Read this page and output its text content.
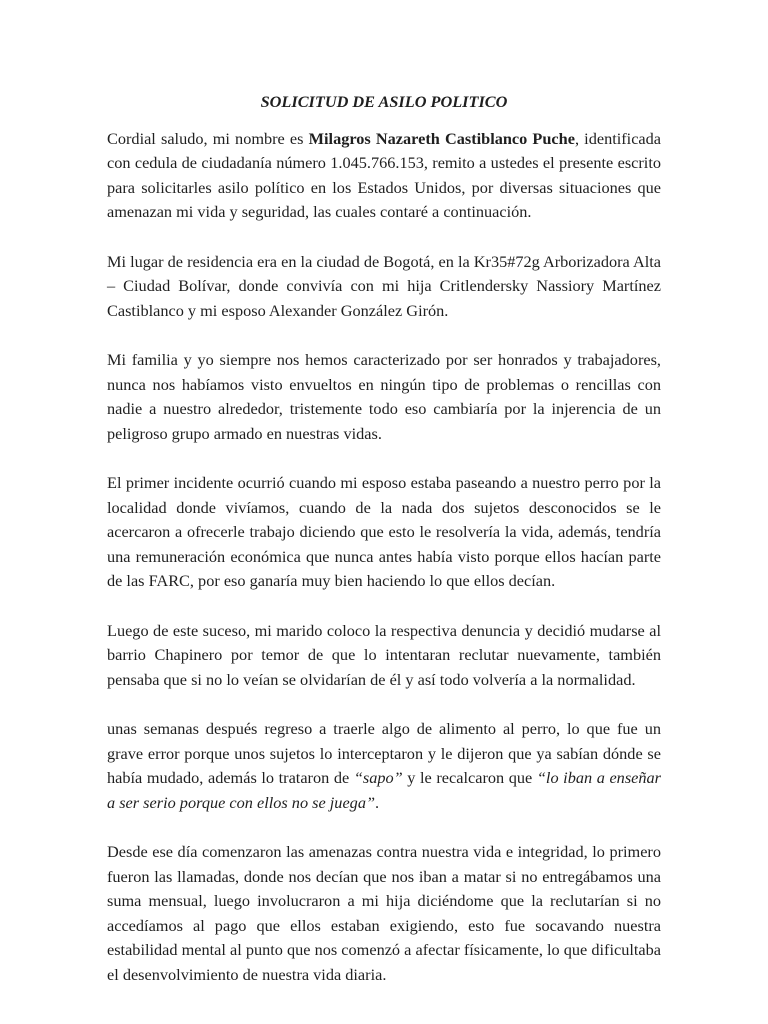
SOLICITUD DE ASILO POLITICO

Cordial saludo, mi nombre es Milagros Nazareth Castiblanco Puche, identificada con cedula de ciudadanía número 1.045.766.153, remito a ustedes el presente escrito para solicitarles asilo político en los Estados Unidos, por diversas situaciones que amenazan mi vida y seguridad, las cuales contaré a continuación.

Mi lugar de residencia era en la ciudad de Bogotá, en la Kr35#72g Arborizadora Alta – Ciudad Bolívar, donde convivía con mi hija Critlendersky Nassiory Martínez Castiblanco y mi esposo Alexander González Girón.

Mi familia y yo siempre nos hemos caracterizado por ser honrados y trabajadores, nunca nos habíamos visto envueltos en ningún tipo de problemas o rencillas con nadie a nuestro alrededor, tristemente todo eso cambiaría por la injerencia de un peligroso grupo armado en nuestras vidas.

El primer incidente ocurrió cuando mi esposo estaba paseando a nuestro perro por la localidad donde vivíamos, cuando de la nada dos sujetos desconocidos se le acercaron a ofrecerle trabajo diciendo que esto le resolvería la vida, además, tendría una remuneración económica que nunca antes había visto porque ellos hacían parte de las FARC, por eso ganaría muy bien haciendo lo que ellos decían.

Luego de este suceso, mi marido coloco la respectiva denuncia y decidió mudarse al barrio Chapinero por temor de que lo intentaran reclutar nuevamente, también pensaba que si no lo veían se olvidarían de él y así todo volvería a la normalidad.

unas semanas después regreso a traerle algo de alimento al perro, lo que fue un grave error porque unos sujetos lo interceptaron y le dijeron que ya sabían dónde se había mudado, además lo trataron de “sapo” y le recalcaron que “lo iban a enseñar a ser serio porque con ellos no se juega”.

Desde ese día comenzaron las amenazas contra nuestra vida e integridad, lo primero fueron las llamadas, donde nos decían que nos iban a matar si no entregábamos una suma mensual, luego involucraron a mi hija diciéndome que la reclutarían si no accedíamos al pago que ellos estaban exigiendo, esto fue socavando nuestra estabilidad mental al punto que nos comenzó a afectar físicamente, lo que dificultaba el desenvolvimiento de nuestra vida diaria.
